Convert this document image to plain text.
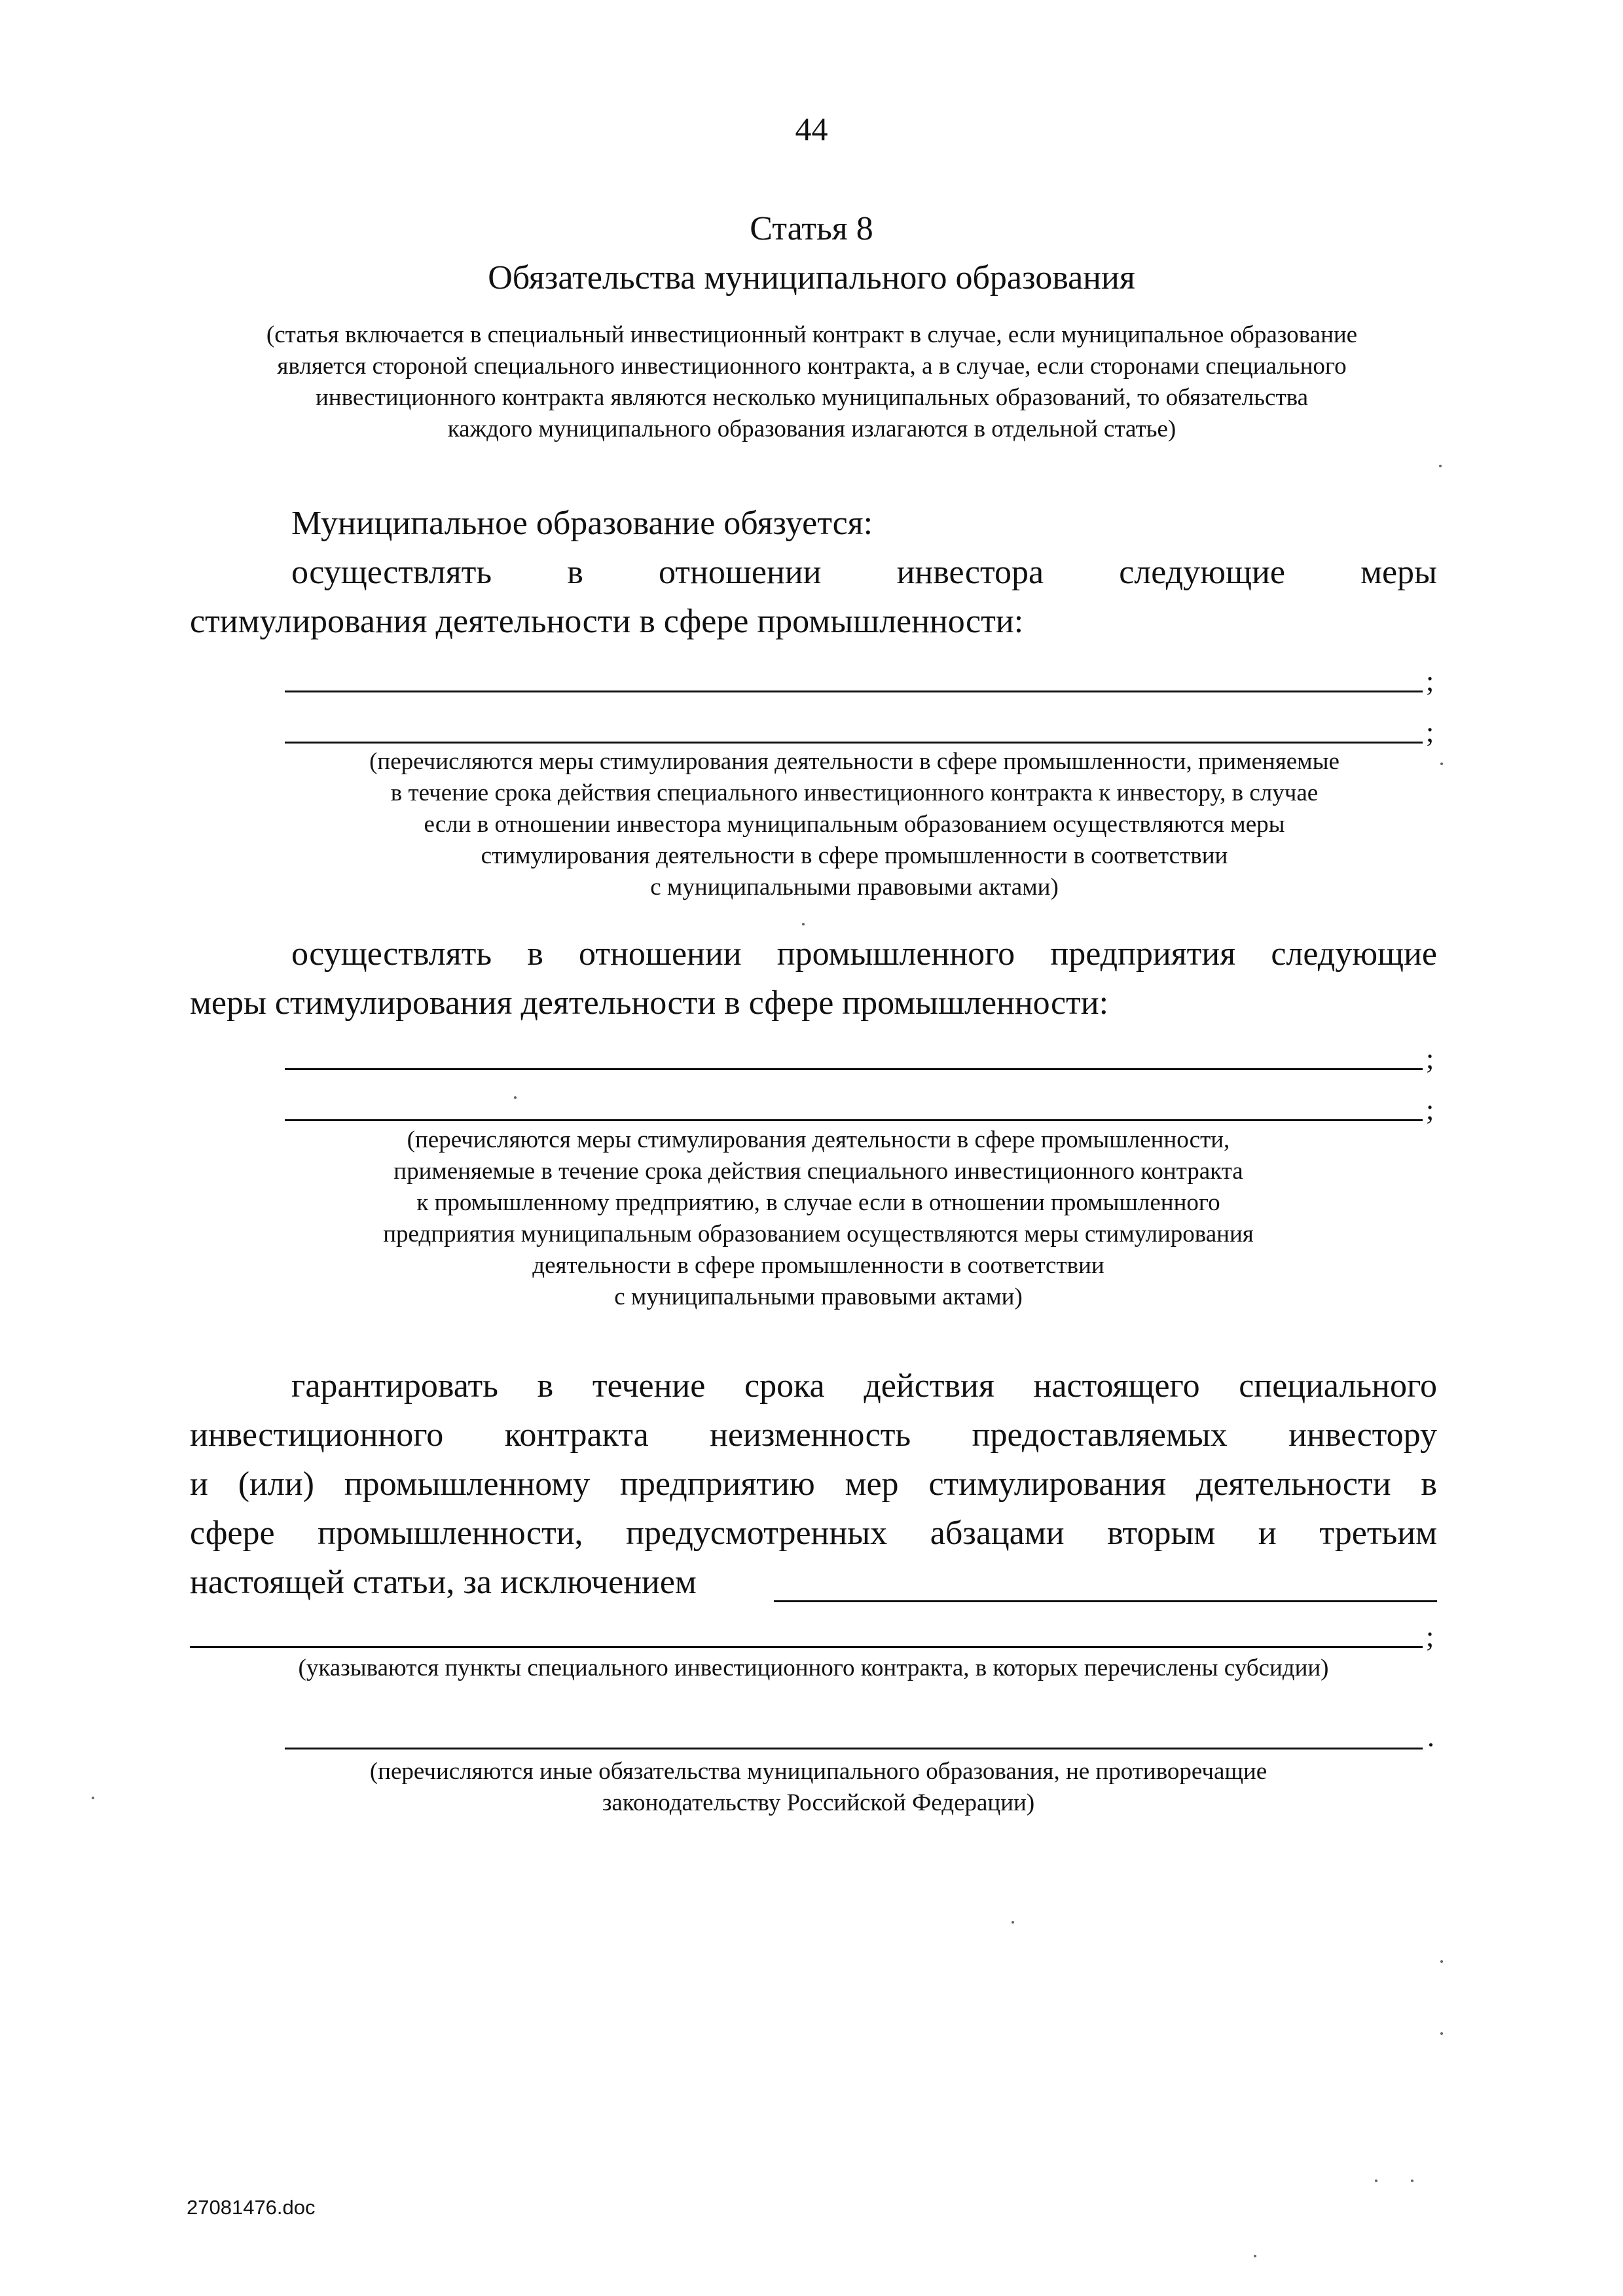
44
Статья 8
Обязательства муниципального образования
(статья включается в специальный инвестиционный контракт в случае, если муниципальное образование
является стороной специального инвестиционного контракта, а в случае, если сторонами специального
инвестиционного контракта являются несколько муниципальных образований, то обязательства
каждого муниципального образования излагаются в отдельной статье)
Муниципальное образование обязуется:
осуществлять в отношении инвестора следующие меры
стимулирования деятельности в сфере промышленности:
;
;
(перечисляются меры стимулирования деятельности в сфере промышленности, применяемые
в течение срока действия специального инвестиционного контракта к инвестору, в случае
если в отношении инвестора муниципальным образованием осуществляются меры
стимулирования деятельности в сфере промышленности в соответствии
с муниципальными правовыми актами)
осуществлять в отношении промышленного предприятия следующие
меры стимулирования деятельности в сфере промышленности:
;
;
(перечисляются меры стимулирования деятельности в сфере промышленности,
применяемые в течение срока действия специального инвестиционного контракта
к промышленному предприятию, в случае если в отношении промышленного
предприятия муниципальным образованием осуществляются меры стимулирования
деятельности в сфере промышленности в соответствии
с муниципальными правовыми актами)
гарантировать в течение срока действия настоящего специального
инвестиционного контракта неизменность предоставляемых инвестору
и (или) промышленному предприятию мер стимулирования деятельности в
сфере промышленности, предусмотренных абзацами вторым и третьим
настоящей статьи, за исключением
;
(указываются пункты специального инвестиционного контракта, в которых перечислены субсидии)
.
(перечисляются иные обязательства муниципального образования, не противоречащие
законодательству Российской Федерации)
27081476.doc
